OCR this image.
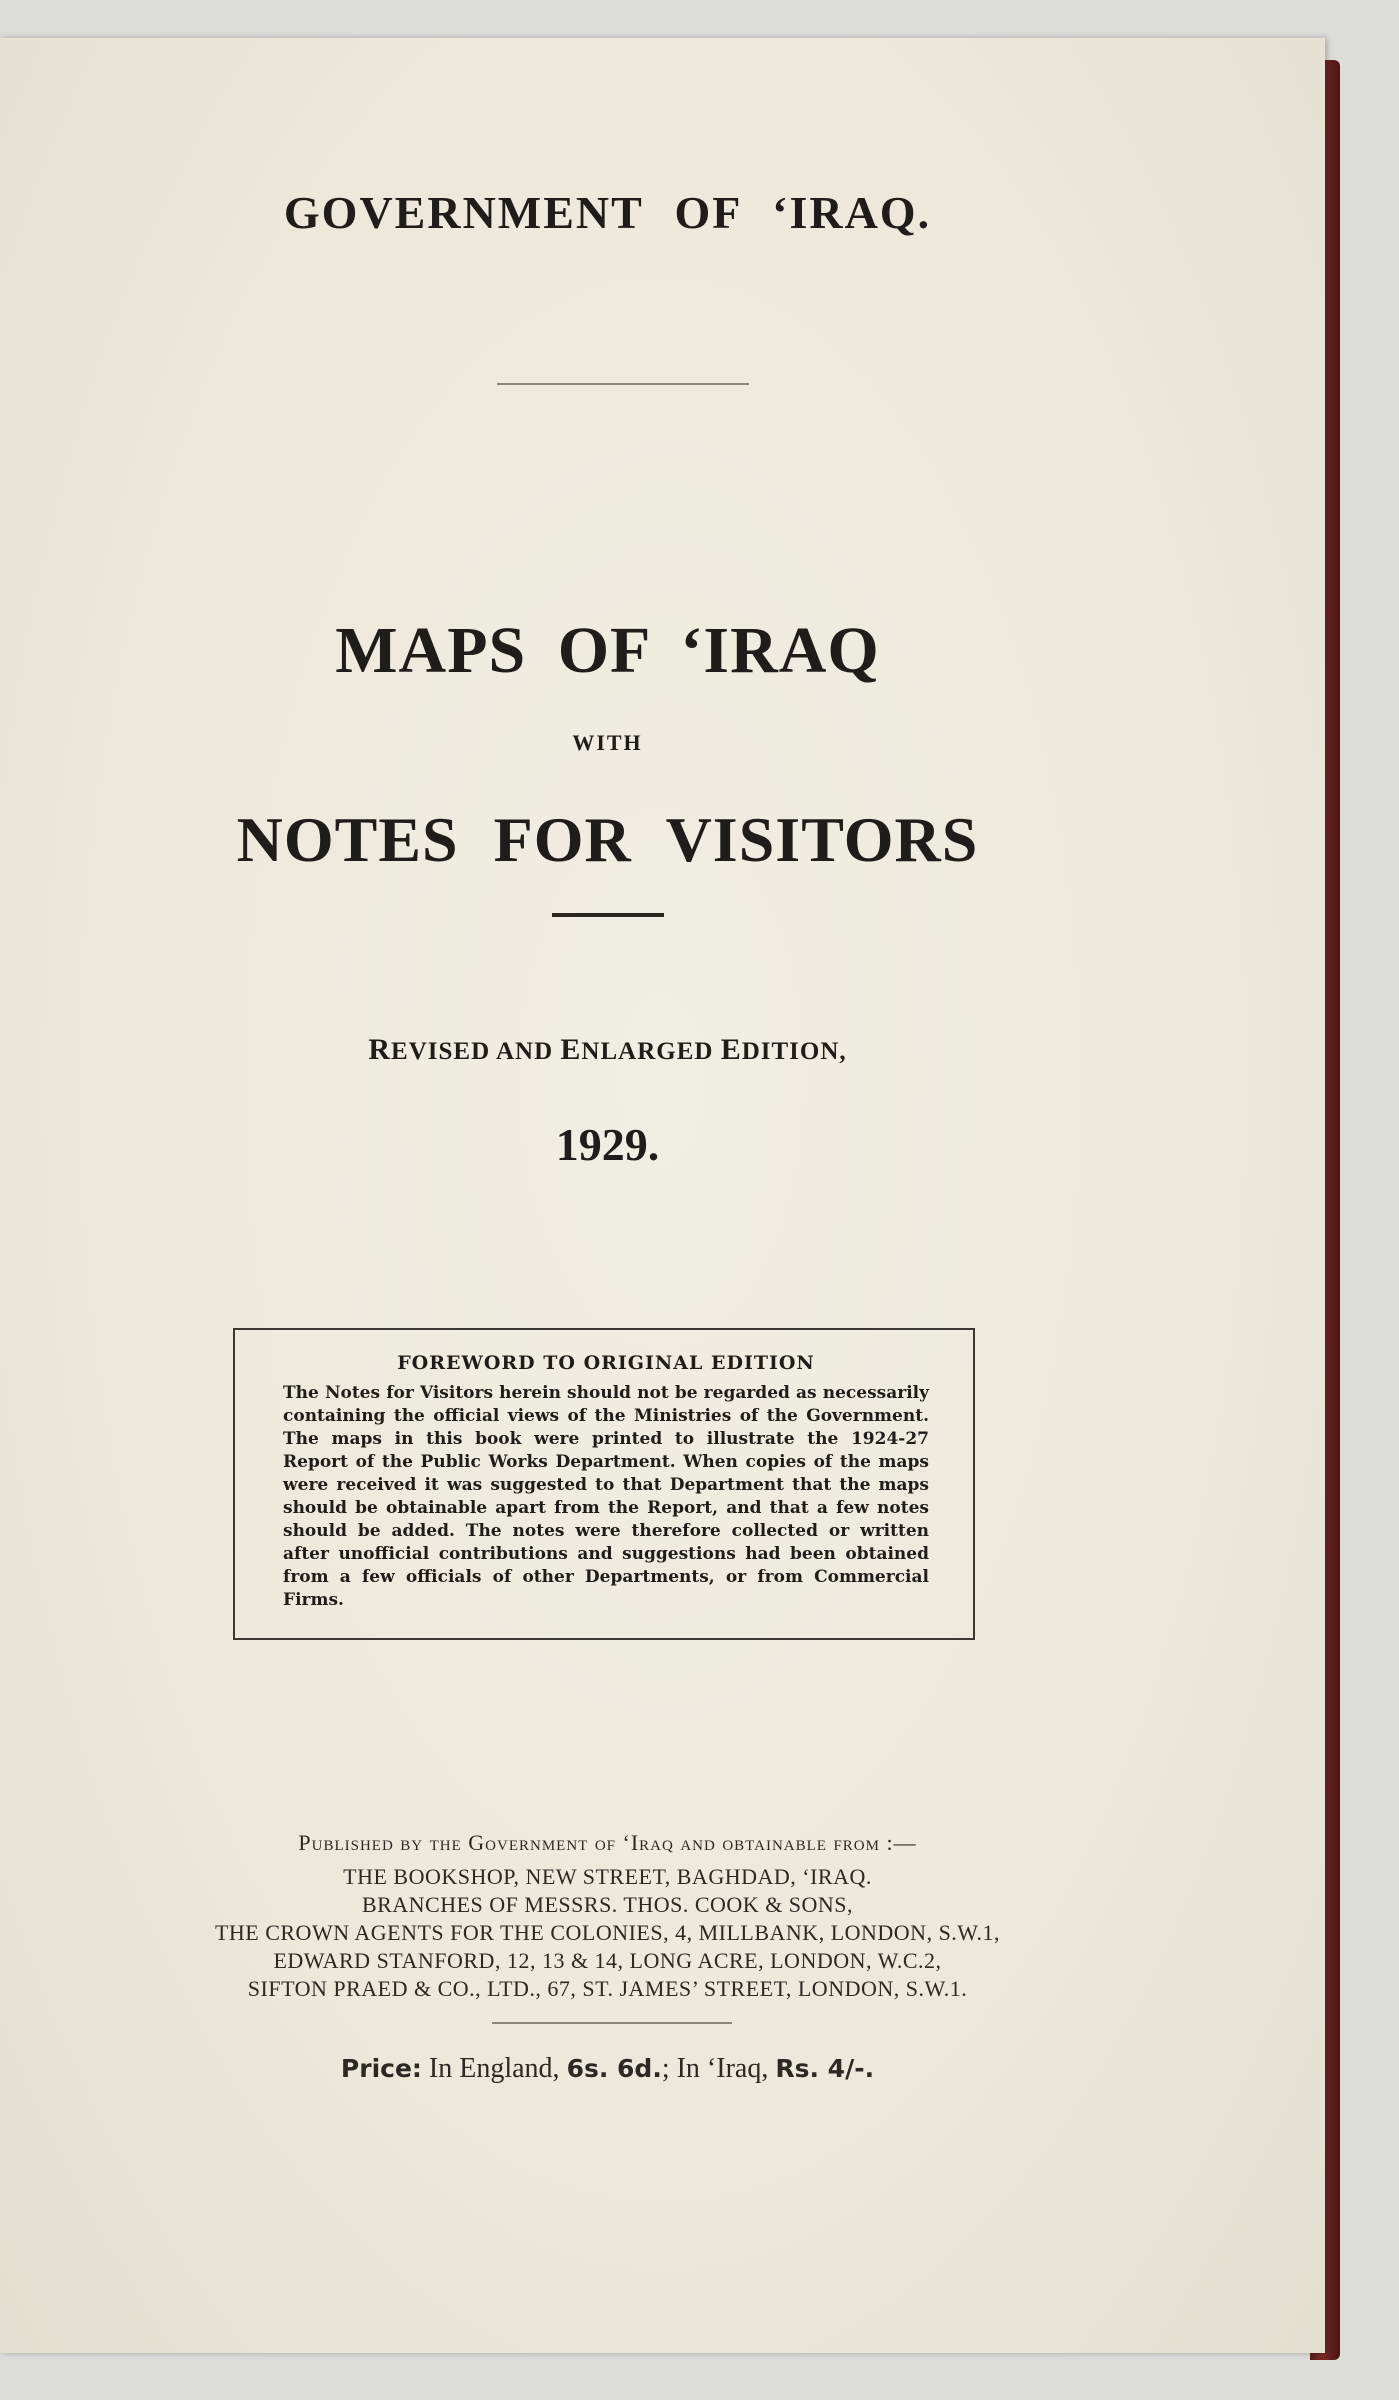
GOVERNMENT OF ‘IRAQ.
MAPS OF ‘IRAQ
WITH
NOTES FOR VISITORS
REVISED AND ENLARGED EDITION,
1929.
FOREWORD TO ORIGINAL EDITION

The Notes for Visitors herein should not be regarded as necessarily containing the official views of the Ministries of the Government. The maps in this book were printed to illustrate the 1924-27 Report of the Public Works Department. When copies of the maps were received it was suggested to that Department that the maps should be obtainable apart from the Report, and that a few notes should be added. The notes were therefore collected or written after unofficial contributions and suggestions had been obtained from a few officials of other Departments, or from Commercial Firms.

Published by the Government of ‘Iraq and obtainable from :—
THE BOOKSHOP, NEW STREET, BAGHDAD, ‘IRAQ.
BRANCHES OF MESSRS. THOS. COOK & SONS,
THE CROWN AGENTS FOR THE COLONIES, 4, MILLBANK, LONDON, S.W.1,
EDWARD STANFORD, 12, 13 & 14, LONG ACRE, LONDON, W.C.2,
SIFTON PRAED & CO., LTD., 67, ST. JAMES’ STREET, LONDON, S.W.1.
Price: In England, 6s. 6d.; In ‘Iraq, Rs. 4/-.
